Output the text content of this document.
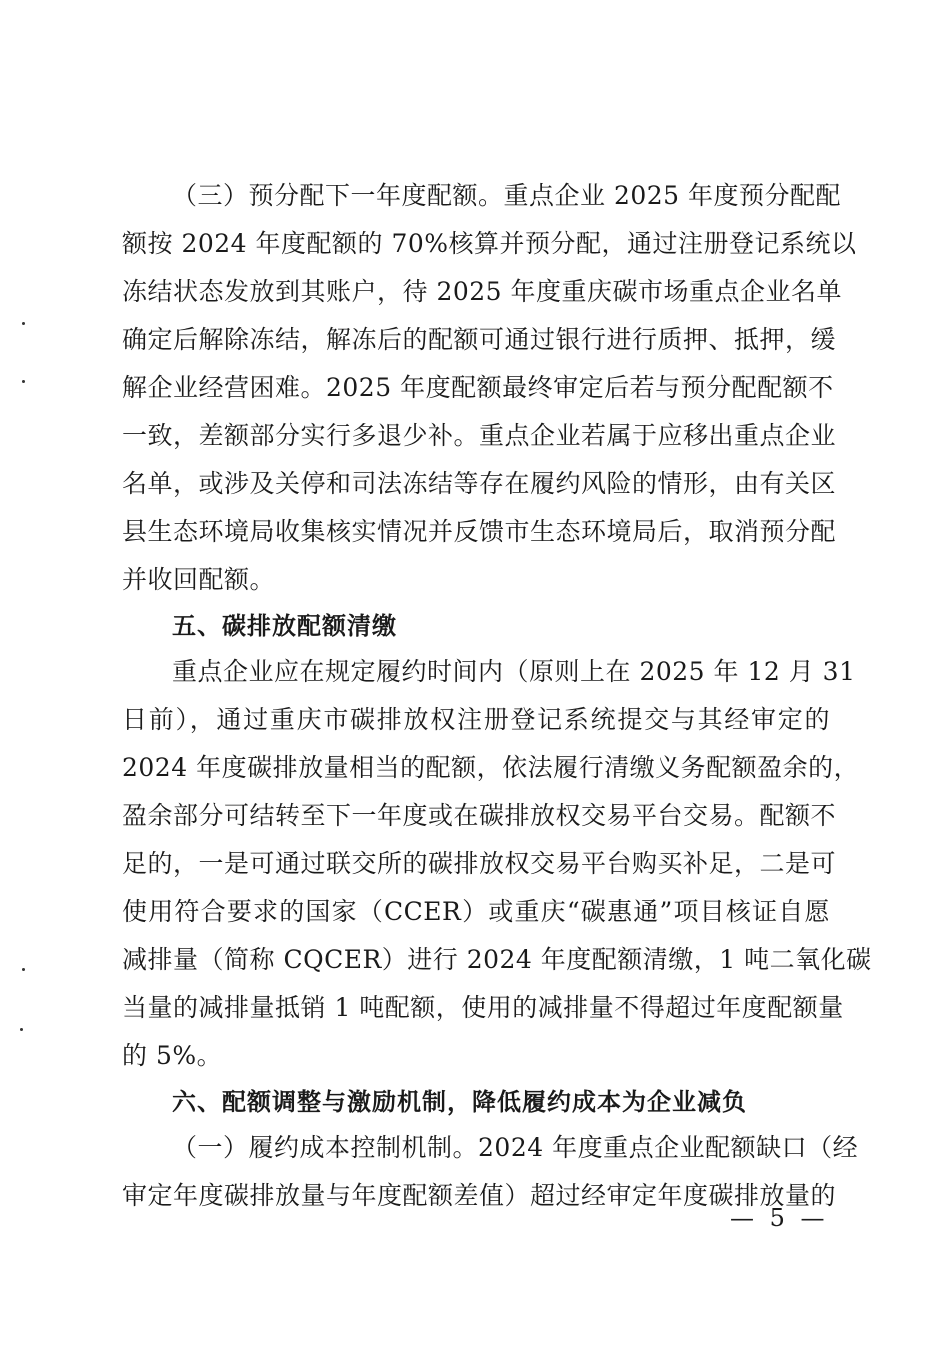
（三）预分配下一年度配额。重点企业 2025 年度预分配配
额按 2024 年度配额的 70%核算并预分配，通过注册登记系统以
冻结状态发放到其账户，待 2025 年度重庆碳市场重点企业名单
确定后解除冻结，解冻后的配额可通过银行进行质押、抵押，缓
解企业经营困难。2025 年度配额最终审定后若与预分配配额不
一致，差额部分实行多退少补。重点企业若属于应移出重点企业
名单，或涉及关停和司法冻结等存在履约风险的情形，由有关区
县生态环境局收集核实情况并反馈市生态环境局后，取消预分配
并收回配额。
五、碳排放配额清缴
重点企业应在规定履约时间内（原则上在 2025 年 12 月 31
日前），通过重庆市碳排放权注册登记系统提交与其经审定的
2024 年度碳排放量相当的配额，依法履行清缴义务配额盈余的，
盈余部分可结转至下一年度或在碳排放权交易平台交易。配额不
足的，一是可通过联交所的碳排放权交易平台购买补足，二是可
使用符合要求的国家（CCER）或重庆“碳惠通”项目核证自愿
减排量（简称 CQCER）进行 2024 年度配额清缴，1 吨二氧化碳
当量的减排量抵销 1 吨配额，使用的减排量不得超过年度配额量
的 5%。
六、配额调整与激励机制，降低履约成本为企业减负
（一）履约成本控制机制。2024 年度重点企业配额缺口（经
审定年度碳排放量与年度配额差值）超过经审定年度碳排放量的
— 5 —
